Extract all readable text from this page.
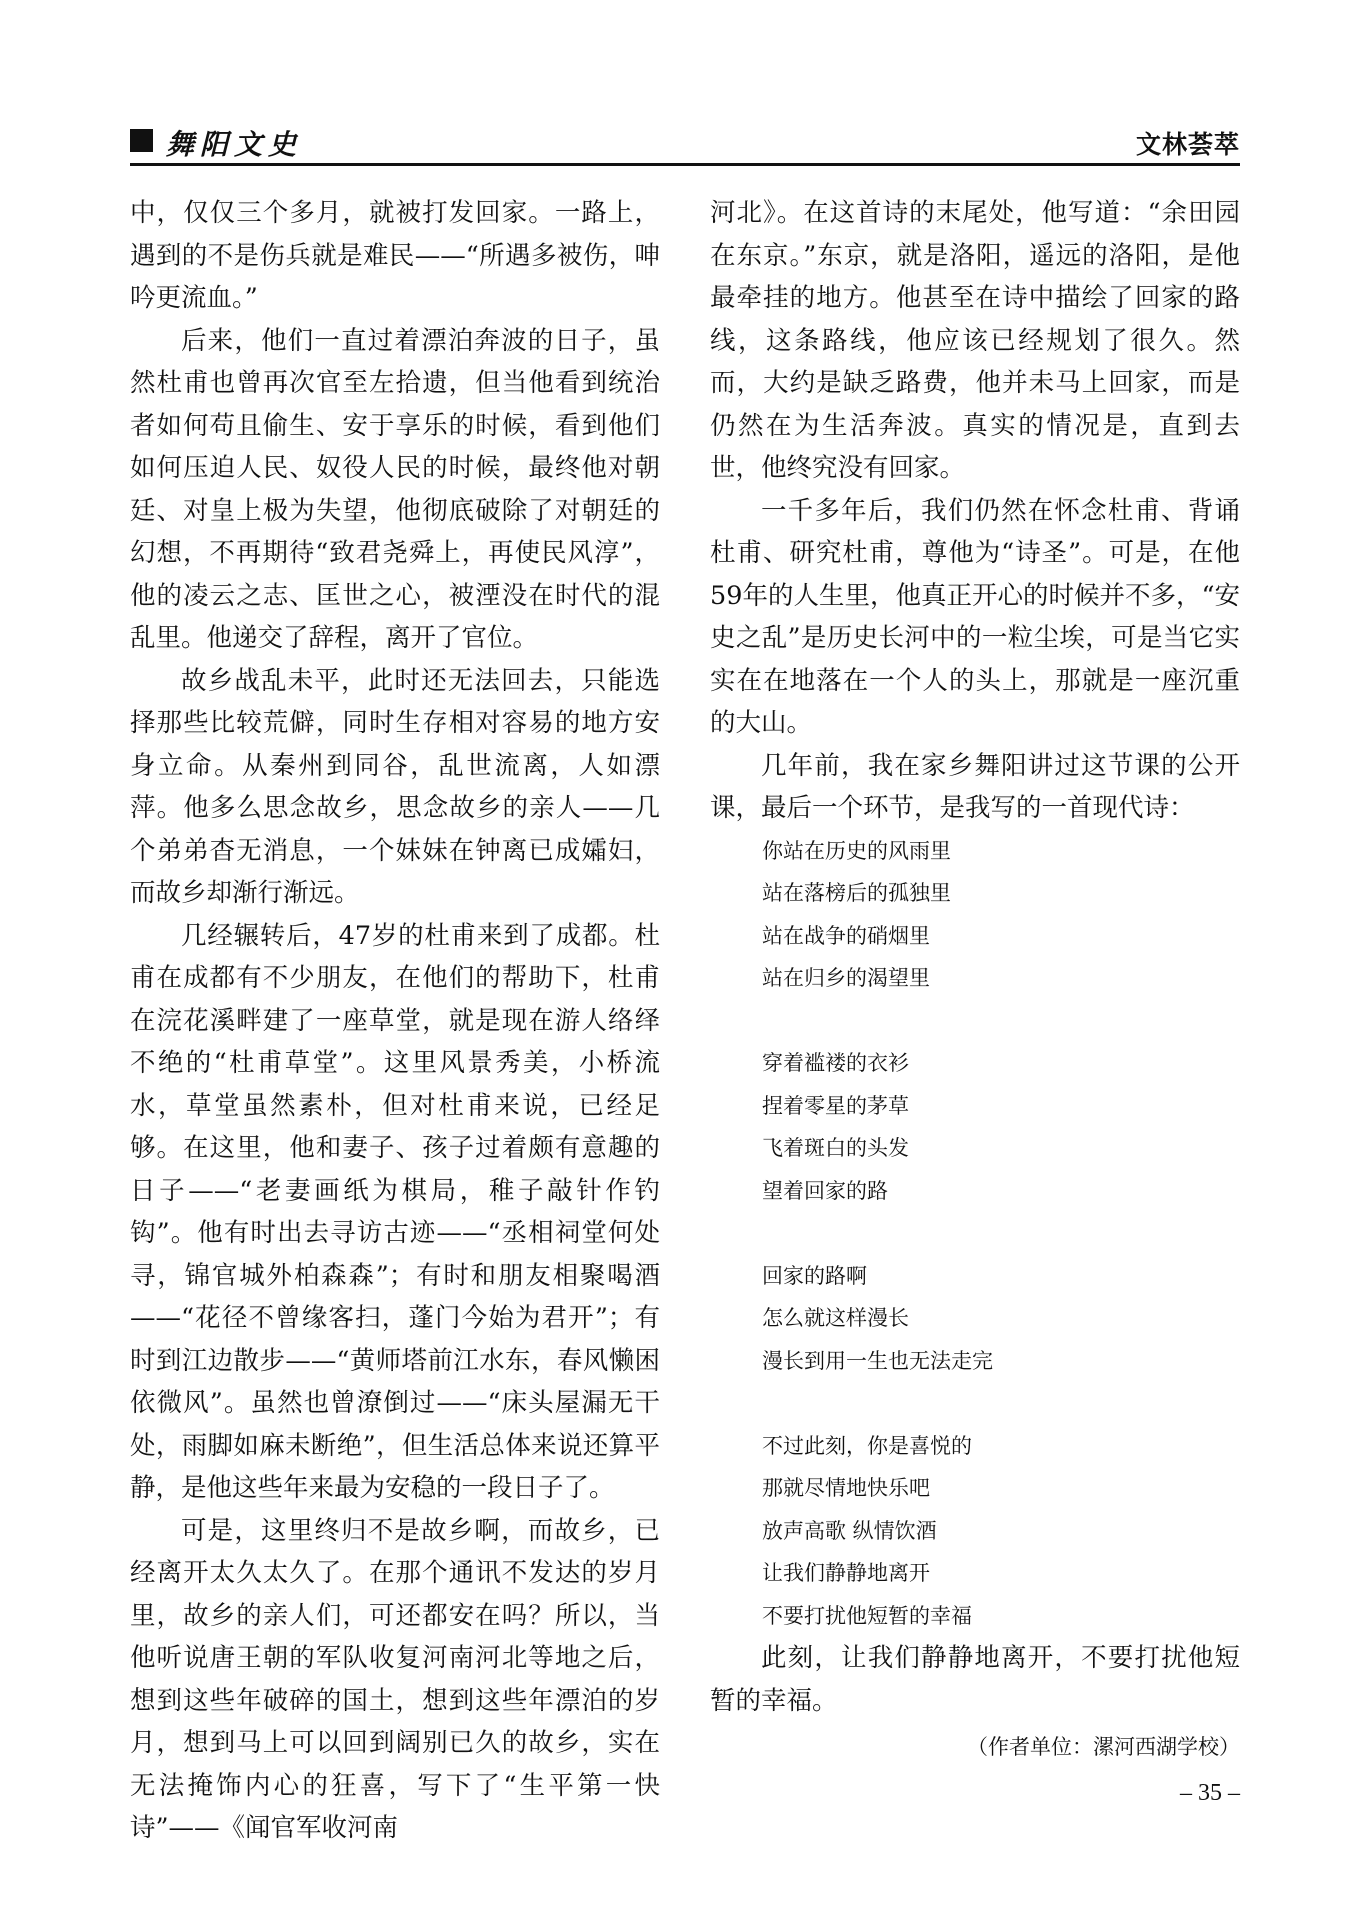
舞阳文史	文林荟萃

中，仅仅三个多月，就被打发回家。一路上，遇到的不是伤兵就是难民——“所遇多被伤，呻吟更流血。”

后来，他们一直过着漂泊奔波的日子，虽然杜甫也曾再次官至左拾遗，但当他看到统治者如何苟且偷生、安于享乐的时候，看到他们如何压迫人民、奴役人民的时候，最终他对朝廷、对皇上极为失望，他彻底破除了对朝廷的幻想，不再期待“致君尧舜上，再使民风淳”，他的凌云之志、匡世之心，被湮没在时代的混乱里。他递交了辞程，离开了官位。

故乡战乱未平，此时还无法回去，只能选择那些比较荒僻，同时生存相对容易的地方安身立命。从秦州到同谷，乱世流离，人如漂萍。他多么思念故乡，思念故乡的亲人——几个弟弟杳无消息，一个妹妹在钟离已成孀妇，而故乡却渐行渐远。

几经辗转后，47岁的杜甫来到了成都。杜甫在成都有不少朋友，在他们的帮助下，杜甫在浣花溪畔建了一座草堂，就是现在游人络绎不绝的“杜甫草堂”。这里风景秀美，小桥流水，草堂虽然素朴，但对杜甫来说，已经足够。在这里，他和妻子、孩子过着颇有意趣的日子——“老妻画纸为棋局，稚子敲针作钓钩”。他有时出去寻访古迹——“丞相祠堂何处寻，锦官城外柏森森”；有时和朋友相聚喝酒——“花径不曾缘客扫，蓬门今始为君开”；有时到江边散步——“黄师塔前江水东，春风懒困依微风”。虽然也曾潦倒过——“床头屋漏无干处，雨脚如麻未断绝”，但生活总体来说还算平静，是他这些年来最为安稳的一段日子了。

可是，这里终归不是故乡啊，而故乡，已经离开太久太久了。在那个通讯不发达的岁月里，故乡的亲人们，可还都安在吗？所以，当他听说唐王朝的军队收复河南河北等地之后，想到这些年破碎的国土，想到这些年漂泊的岁月，想到马上可以回到阔别已久的故乡，实在无法掩饰内心的狂喜，写下了“生平第一快诗”——《闻官军收河南

河北》。在这首诗的末尾处，他写道：“余田园在东京。”东京，就是洛阳，遥远的洛阳，是他最牵挂的地方。他甚至在诗中描绘了回家的路线，这条路线，他应该已经规划了很久。然而，大约是缺乏路费，他并未马上回家，而是仍然在为生活奔波。真实的情况是，直到去世，他终究没有回家。

一千多年后，我们仍然在怀念杜甫、背诵杜甫、研究杜甫，尊他为“诗圣”。可是，在他59年的人生里，他真正开心的时候并不多，“安史之乱”是历史长河中的一粒尘埃，可是当它实实在在地落在一个人的头上，那就是一座沉重的大山。

几年前，我在家乡舞阳讲过这节课的公开课，最后一个环节，是我写的一首现代诗：

你站在历史的风雨里
站在落榜后的孤独里
站在战争的硝烟里
站在归乡的渴望里
穿着褴褛的衣衫
捏着零星的茅草
飞着斑白的头发
望着回家的路
回家的路啊
怎么就这样漫长
漫长到用一生也无法走完
不过此刻，你是喜悦的
那就尽情地快乐吧
放声高歌 纵情饮酒
让我们静静地离开
不要打扰他短暂的幸福

此刻，让我们静静地离开，不要打扰他短暂的幸福。

（作者单位：漯河西湖学校）
– 35 –
